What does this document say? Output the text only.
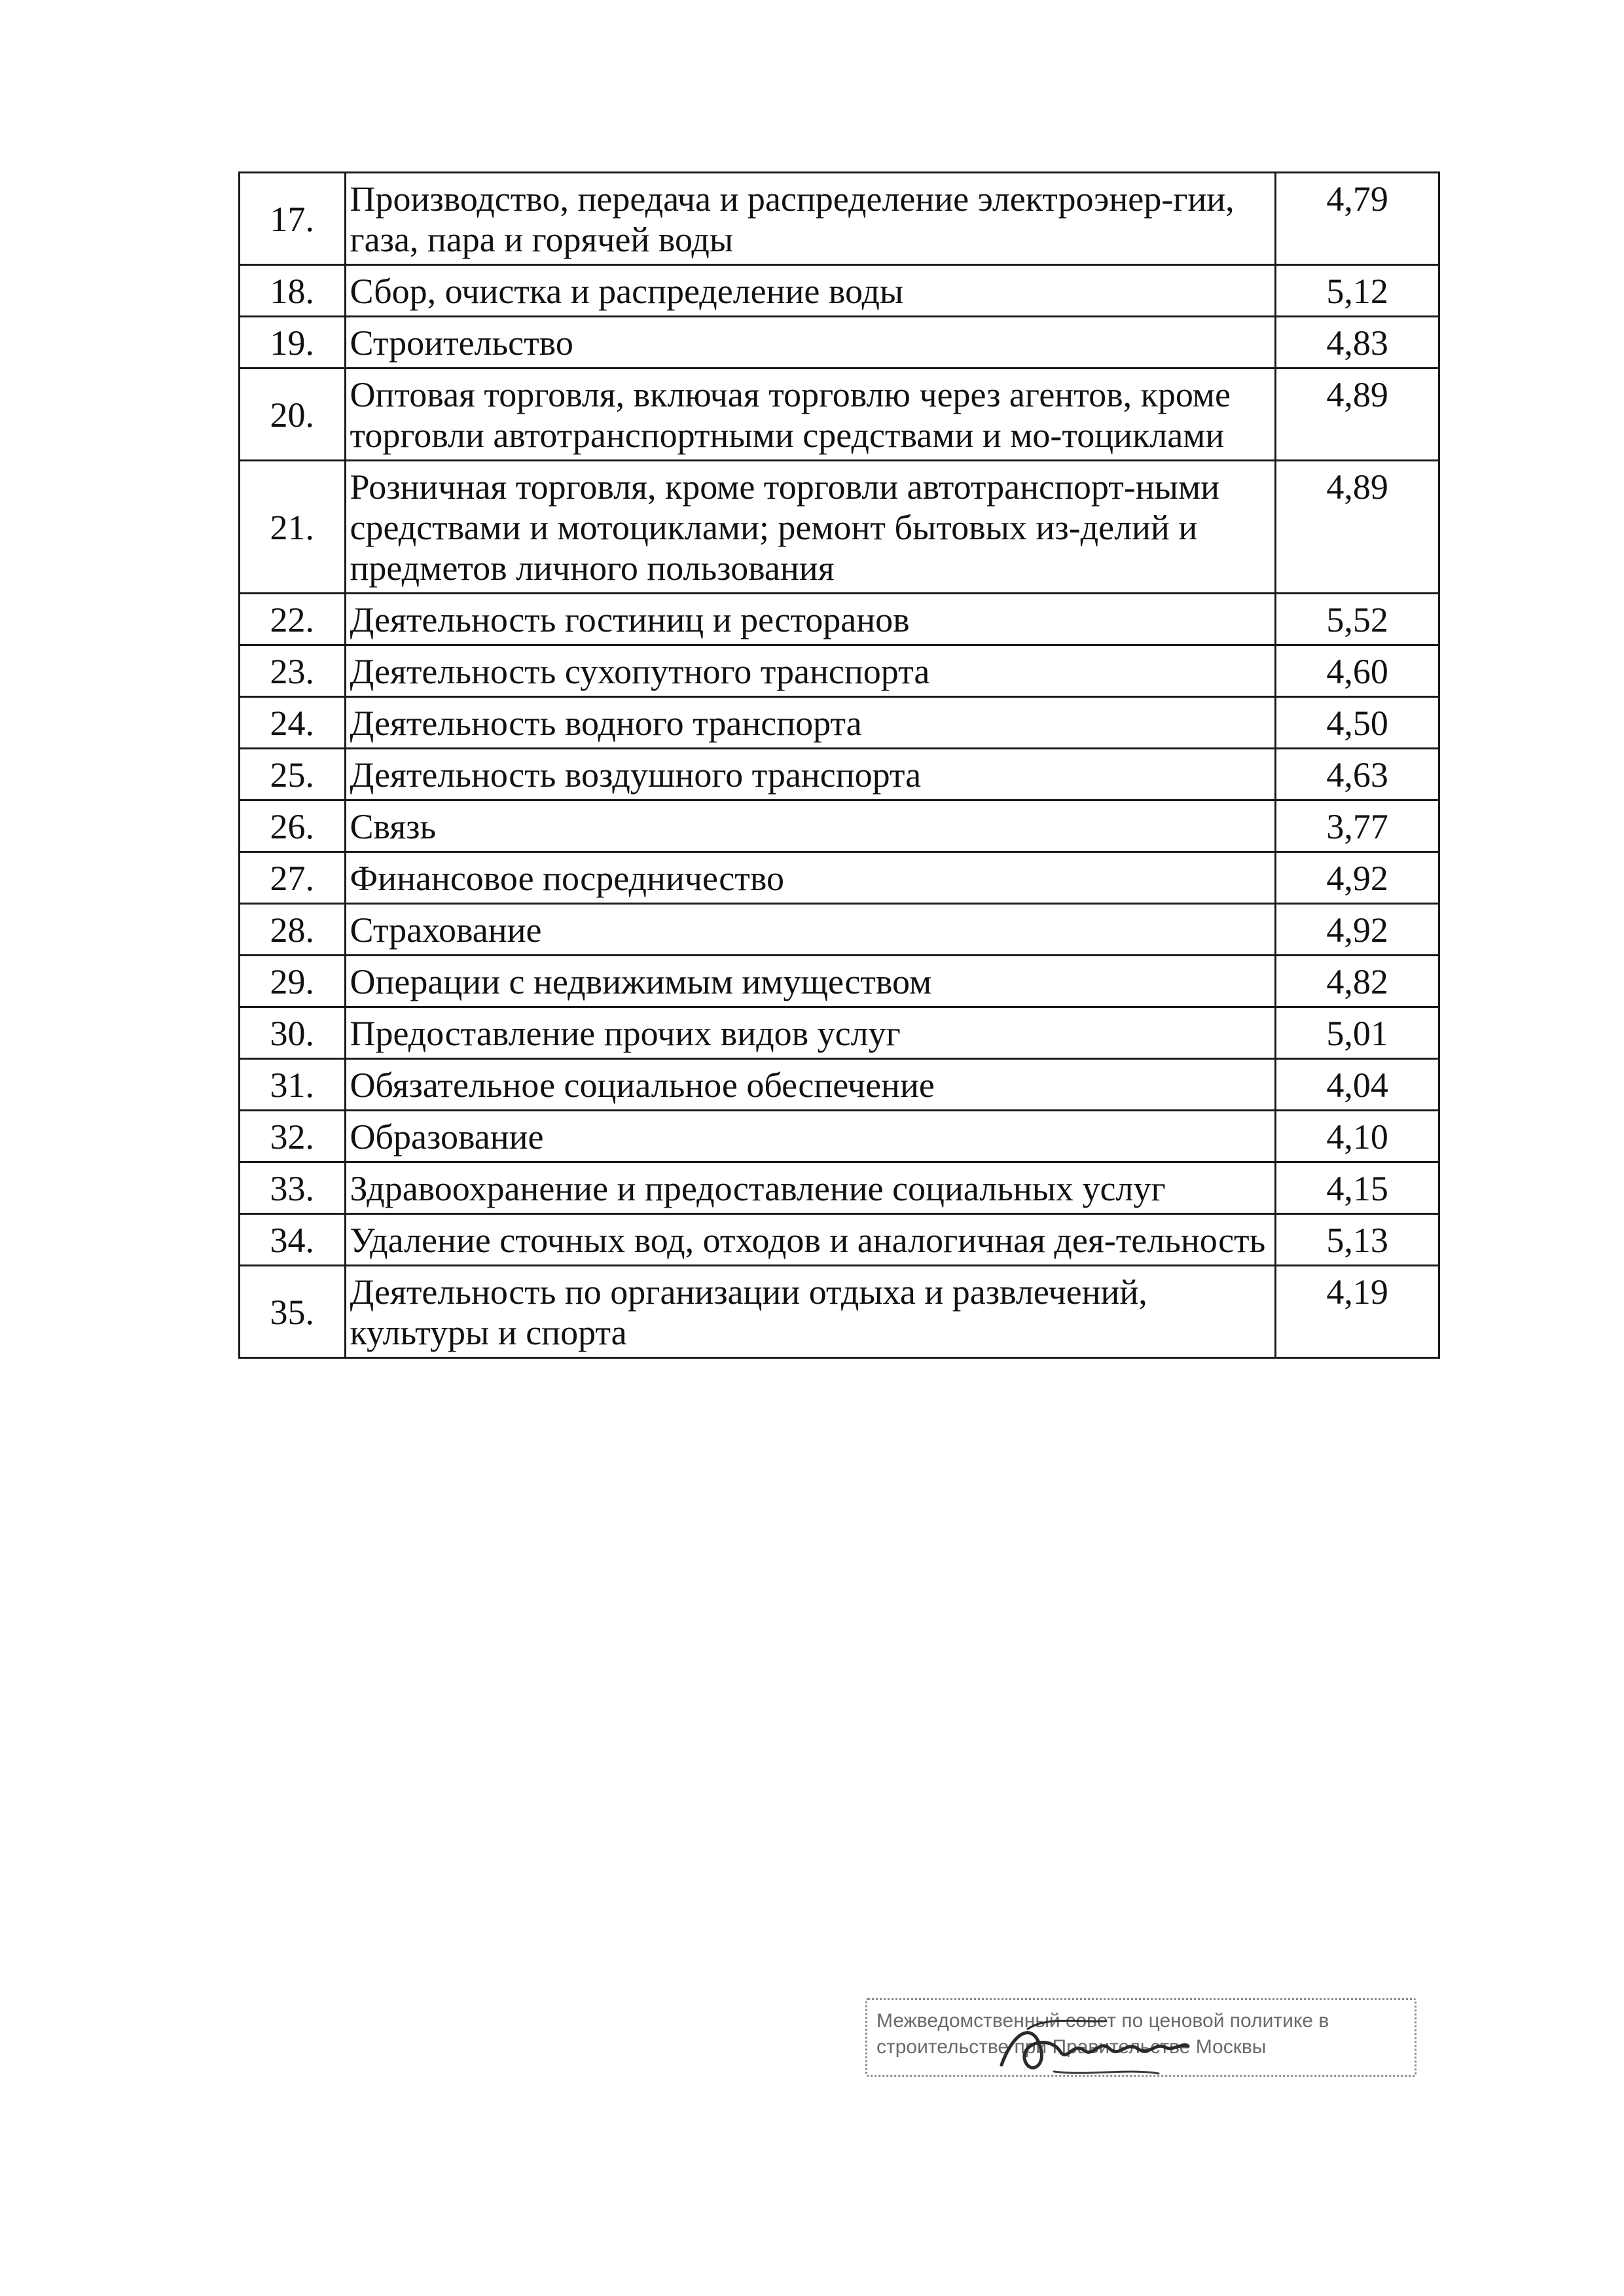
17.	Производство, передача и распределение электроэнер-гии, газа, пара и горячей воды	4,79
18.	Сбор, очистка и распределение воды	5,12
19.	Строительство	4,83
20.	Оптовая торговля, включая торговлю через агентов, кроме торговли автотранспортными средствами и мо-тоциклами	4,89
21.	Розничная торговля, кроме торговли автотранспорт-ными средствами и мотоциклами; ремонт бытовых из-делий и предметов личного пользования	4,89
22.	Деятельность гостиниц и ресторанов	5,52
23.	Деятельность сухопутного транспорта	4,60
24.	Деятельность водного транспорта	4,50
25.	Деятельность воздушного транспорта	4,63
26.	Связь	3,77
27.	Финансовое посредничество	4,92
28.	Страхование	4,92
29.	Операции с недвижимым имуществом	4,82
30.	Предоставление прочих видов услуг	5,01
31.	Обязательное социальное обеспечение	4,04
32.	Образование	4,10
33.	Здравоохранение и предоставление социальных услуг	4,15
34.	Удаление сточных вод, отходов и аналогичная дея-тельность	5,13
35.	Деятельность по организации отдыха и развлечений, культуры и спорта	4,19
Межведомственный совет по ценовой политике в
строительстве при Правительстве Москвы
